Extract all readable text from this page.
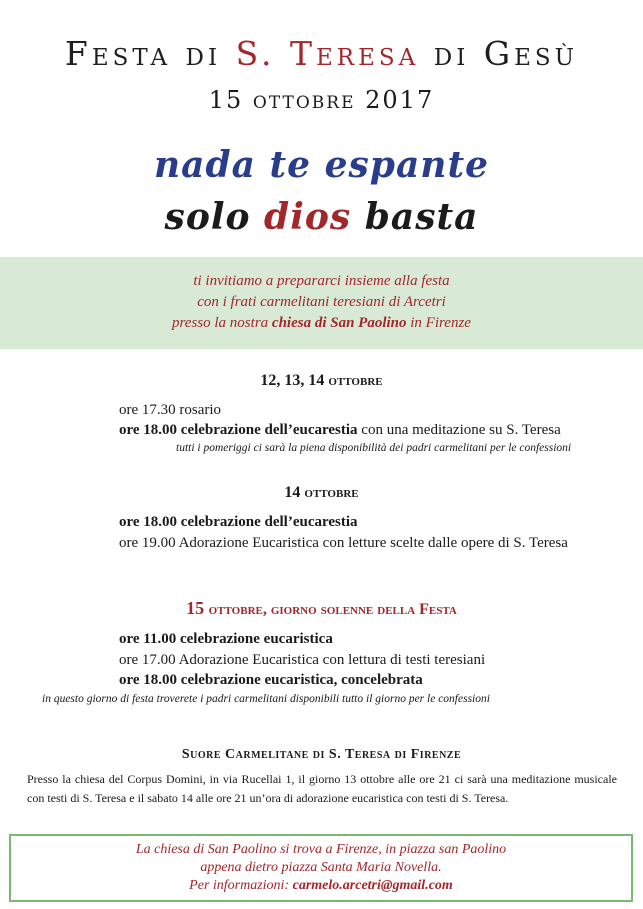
Festa di S. Teresa di Gesù
15 ottobre 2017
nada te espante
solo dios basta
ti invitiamo a prepararci insieme alla festa
con i frati carmelitani teresiani di Arcetri
presso la nostra chiesa di San Paolino in Firenze
12, 13, 14 ottobre
ore 17.30 rosario
ore 18.00 celebrazione dell’eucarestia con una meditazione su S. Teresa
tutti i pomeriggi ci sarà la piena disponibilità dei padri carmelitani per le confessioni
14 ottobre
ore 18.00 celebrazione dell’eucarestia
ore 19.00 Adorazione Eucaristica con letture scelte dalle opere di S. Teresa
15 ottobre, giorno solenne della Festa
ore 11.00 celebrazione eucaristica
ore 17.00 Adorazione Eucaristica con lettura di testi teresiani
ore 18.00 celebrazione eucaristica, concelebrata
in questo giorno di festa troverete i padri carmelitani disponibili tutto il giorno per le confessioni
Suore Carmelitane di S. Teresa di Firenze
Presso la chiesa del Corpus Domini, in via Rucellai 1, il giorno 13 ottobre alle ore 21 ci sarà una meditazione musicale con testi di S. Teresa e il sabato 14 alle ore 21 un’ora di adorazione eucaristica con testi di S. Teresa.
La chiesa di San Paolino si trova a Firenze, in piazza san Paolino
appena dietro piazza Santa Maria Novella.
Per informazioni: carmelo.arcetri@gmail.com
